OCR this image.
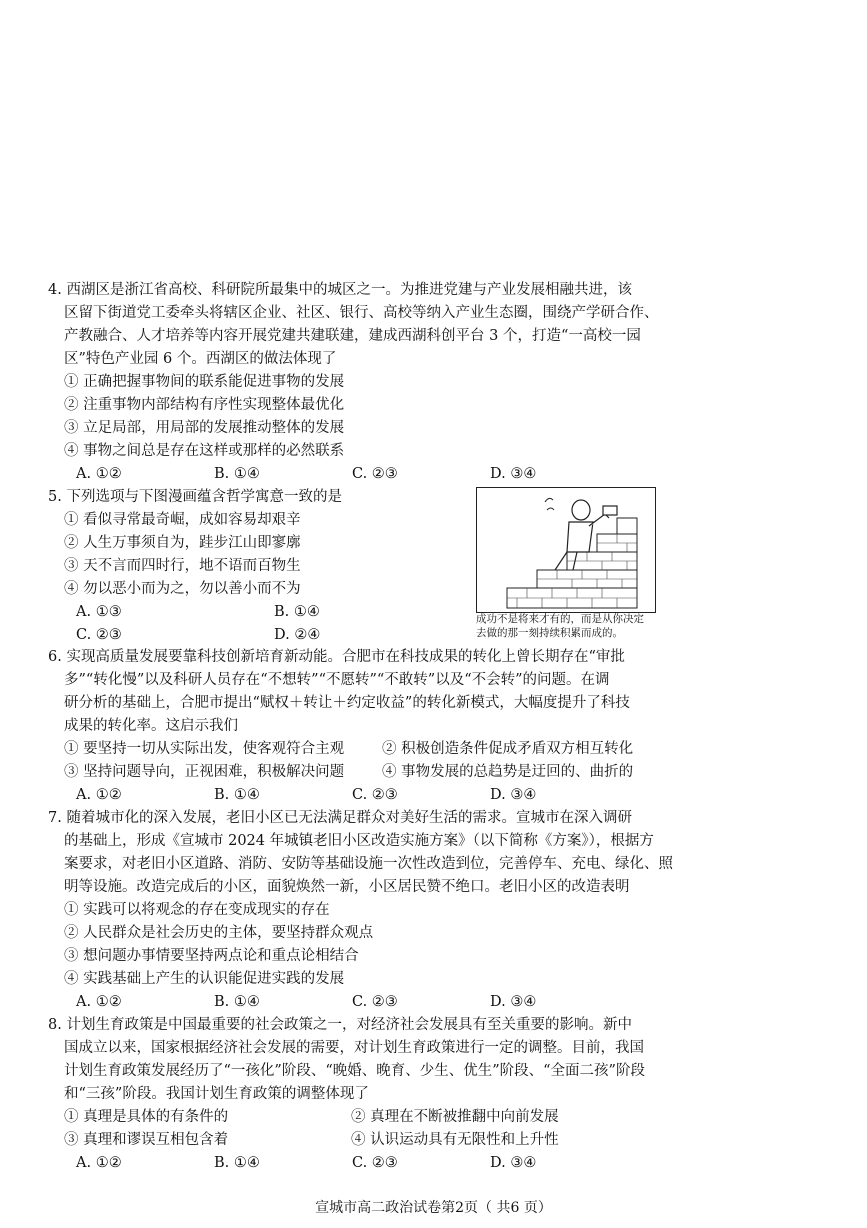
4. 西湖区是浙江省高校、科研院所最集中的城区之一。为推进党建与产业发展相融共进，该
区留下街道党工委牵头将辖区企业、社区、银行、高校等纳入产业生态圈，围绕产学研合作、
产教融合、人才培养等内容开展党建共建联建，建成西湖科创平台 3 个，打造“一高校一园
区”特色产业园 6 个。西湖区的做法体现了
① 正确把握事物间的联系能促进事物的发展
② 注重事物内部结构有序性实现整体最优化
③ 立足局部，用局部的发展推动整体的发展
④ 事物之间总是存在这样或那样的必然联系
A. ①②	B. ①④	C. ②③	D. ③④
5. 下列选项与下图漫画蕴含哲学寓意一致的是
① 看似寻常最奇崛，成如容易却艰辛
② 人生万事须自为，跬步江山即寥廓
③ 天不言而四时行，地不语而百物生
④ 勿以恶小而为之，勿以善小而不为
A. ①③	B. ①④
C. ②③	D. ②④
成功不是将来才有的，而是从你决定
去做的那一刻持续积累而成的。
6. 实现高质量发展要靠科技创新培育新动能。合肥市在科技成果的转化上曾长期存在“审批
多”“转化慢”以及科研人员存在“不想转”“不愿转”“不敢转”以及“不会转”的问题。在调
研分析的基础上，合肥市提出“赋权＋转让＋约定收益”的转化新模式，大幅度提升了科技
成果的转化率。这启示我们
① 要坚持一切从实际出发，使客观符合主观	② 积极创造条件促成矛盾双方相互转化
③ 坚持问题导向，正视困难，积极解决问题	④ 事物发展的总趋势是迂回的、曲折的
A. ①②	B. ①④	C. ②③	D. ③④
7. 随着城市化的深入发展，老旧小区已无法满足群众对美好生活的需求。宣城市在深入调研
的基础上，形成《宣城市 2024 年城镇老旧小区改造实施方案》（以下简称《方案》），根据方
案要求，对老旧小区道路、消防、安防等基础设施一次性改造到位，完善停车、充电、绿化、照
明等设施。改造完成后的小区，面貌焕然一新，小区居民赞不绝口。老旧小区的改造表明
① 实践可以将观念的存在变成现实的存在
② 人民群众是社会历史的主体，要坚持群众观点
③ 想问题办事情要坚持两点论和重点论相结合
④ 实践基础上产生的认识能促进实践的发展
A. ①②	B. ①④	C. ②③	D. ③④
8. 计划生育政策是中国最重要的社会政策之一，对经济社会发展具有至关重要的影响。新中
国成立以来，国家根据经济社会发展的需要，对计划生育政策进行一定的调整。目前，我国
计划生育政策发展经历了“一孩化”阶段、“晚婚、晚育、少生、优生”阶段、“全面二孩”阶段
和“三孩”阶段。我国计划生育政策的调整体现了
① 真理是具体的有条件的	② 真理在不断被推翻中向前发展
③ 真理和谬误互相包含着	④ 认识运动具有无限性和上升性
A. ①②	B. ①④	C. ②③	D. ③④
宣城市高二政治试卷第2页（ 共6 页）
